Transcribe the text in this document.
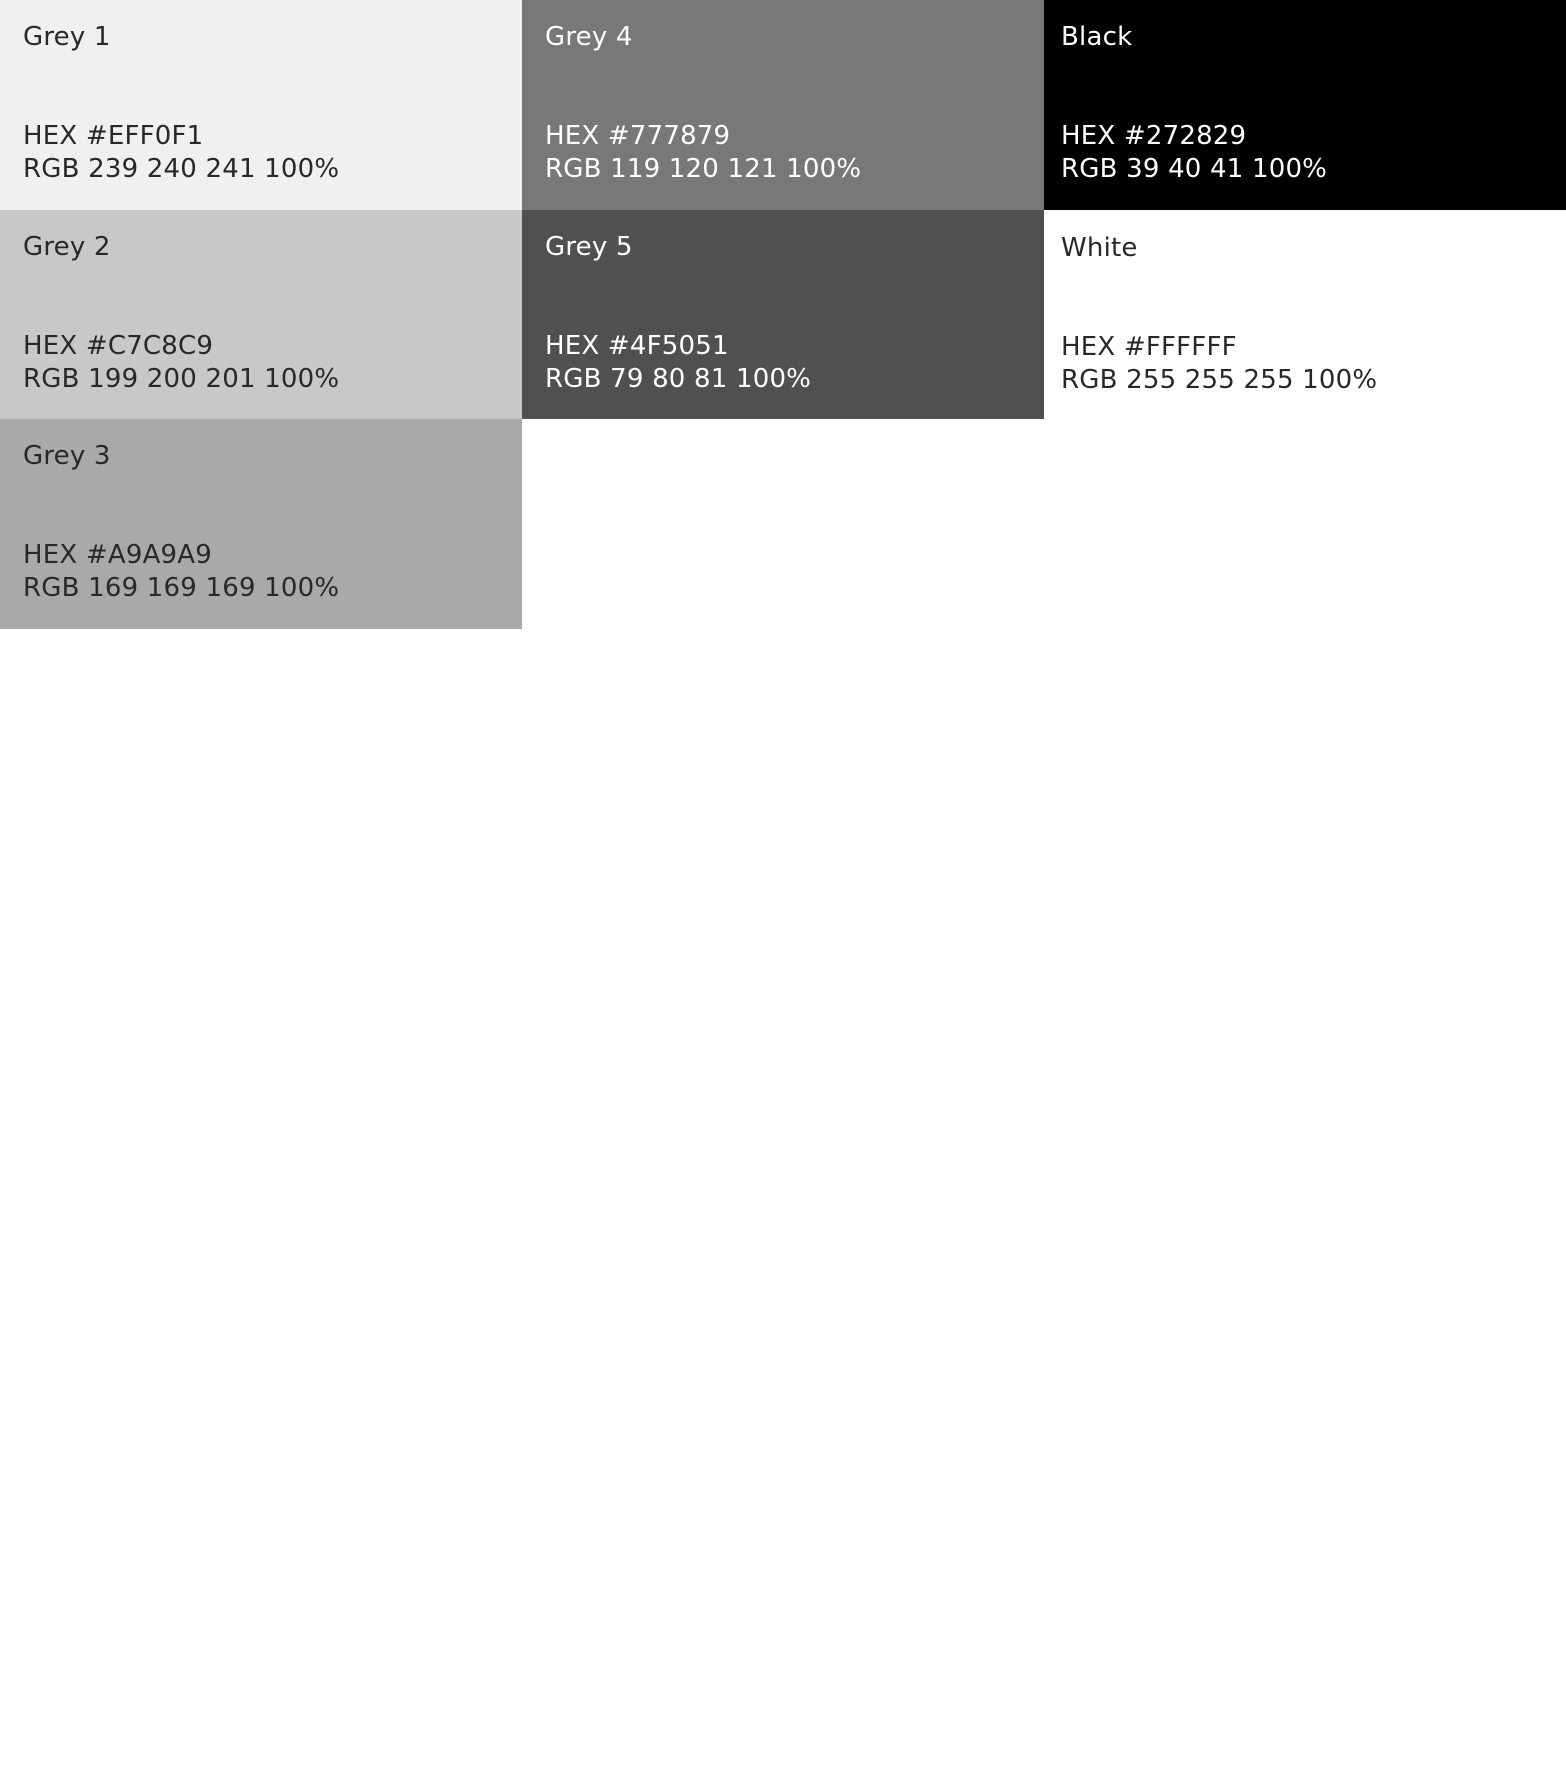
Grey 1
HEX #EFF0F1
RGB 239 240 241 100%
Grey 2
HEX #C7C8C9
RGB 199 200 201 100%
Grey 3
HEX #A9A9A9
RGB 169 169 169 100%
Grey 4
HEX #777879
RGB 119 120 121 100%
Grey 5
HEX #4F5051
RGB 79 80 81 100%
Black
HEX #272829
RGB 39 40 41 100%
White
HEX #FFFFFF
RGB 255 255 255 100%
